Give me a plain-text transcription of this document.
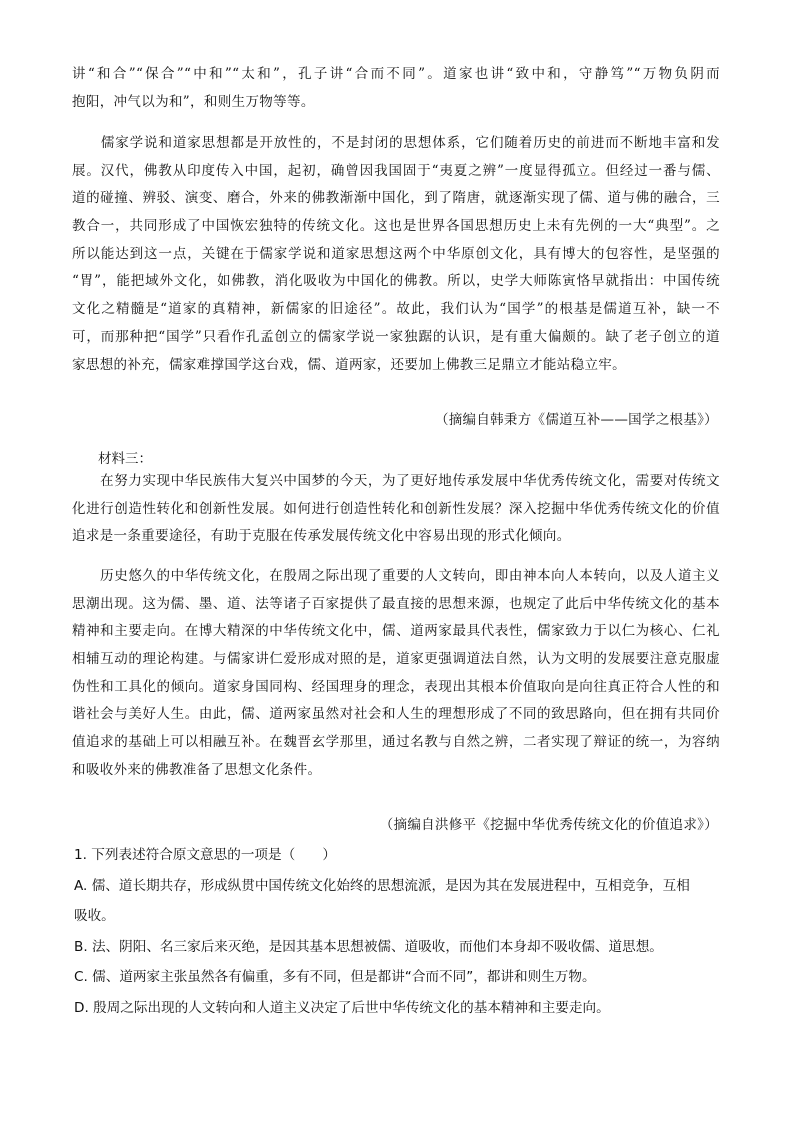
讲“和合”“保合”“中和”“太和”，孔子讲“合而不同”。道家也讲“致中和，守静笃”“万物负阴而
抱阳，冲气以为和”，和则生万物等等。
　　儒家学说和道家思想都是开放性的，不是封闭的思想体系，它们随着历史的前进而不断地丰富和发
展。汉代，佛教从印度传入中国，起初，确曾因我国固于“夷夏之辨”一度显得孤立。但经过一番与儒、
道的碰撞、辨驳、演变、磨合，外来的佛教渐渐中国化，到了隋唐，就逐渐实现了儒、道与佛的融合，三
教合一，共同形成了中国恢宏独特的传统文化。这也是世界各国思想历史上未有先例的一大“典型”。之
所以能达到这一点，关键在于儒家学说和道家思想这两个中华原创文化，具有博大的包容性，是坚强的
“胃”，能把域外文化，如佛教，消化吸收为中国化的佛教。所以，史学大师陈寅恪早就指出：中国传统
文化之精髓是“道家的真精神，新儒家的旧途径”。故此，我们认为“国学”的根基是儒道互补，缺一不
可，而那种把“国学”只看作孔孟创立的儒家学说一家独踞的认识，是有重大偏颇的。缺了老子创立的道
家思想的补充，儒家难撑国学这台戏，儒、道两家，还要加上佛教三足鼎立才能站稳立牢。
（摘编自韩秉方《儒道互补——国学之根基》）
材料三：
　　在努力实现中华民族伟大复兴中国梦的今天，为了更好地传承发展中华优秀传统文化，需要对传统文
化进行创造性转化和创新性发展。如何进行创造性转化和创新性发展？深入挖掘中华优秀传统文化的价值
追求是一条重要途径，有助于克服在传承发展传统文化中容易出现的形式化倾向。
　　历史悠久的中华传统文化，在殷周之际出现了重要的人文转向，即由神本向人本转向，以及人道主义
思潮出现。这为儒、墨、道、法等诸子百家提供了最直接的思想来源，也规定了此后中华传统文化的基本
精神和主要走向。在博大精深的中华传统文化中，儒、道两家最具代表性，儒家致力于以仁为核心、仁礼
相辅互动的理论构建。与儒家讲仁爱形成对照的是，道家更强调道法自然，认为文明的发展要注意克服虚
伪性和工具化的倾向。道家身国同构、经国理身的理念，表现出其根本价值取向是向往真正符合人性的和
谐社会与美好人生。由此，儒、道两家虽然对社会和人生的理想形成了不同的致思路向，但在拥有共同价
值追求的基础上可以相融互补。在魏晋玄学那里，通过名教与自然之辨，二者实现了辩证的统一，为容纳
和吸收外来的佛教准备了思想文化条件。
（摘编自洪修平《挖掘中华优秀传统文化的价值追求》）
1. 下列表述符合原文意思的一项是（　　）
A. 儒、道长期共存，形成纵贯中国传统文化始终的思想流派，是因为其在发展进程中，互相竞争，互相
吸收。
B. 法、阴阳、名三家后来灭绝，是因其基本思想被儒、道吸收，而他们本身却不吸收儒、道思想。
C. 儒、道两家主张虽然各有偏重，多有不同，但是都讲“合而不同”，都讲和则生万物。
D. 殷周之际出现的人文转向和人道主义决定了后世中华传统文化的基本精神和主要走向。
